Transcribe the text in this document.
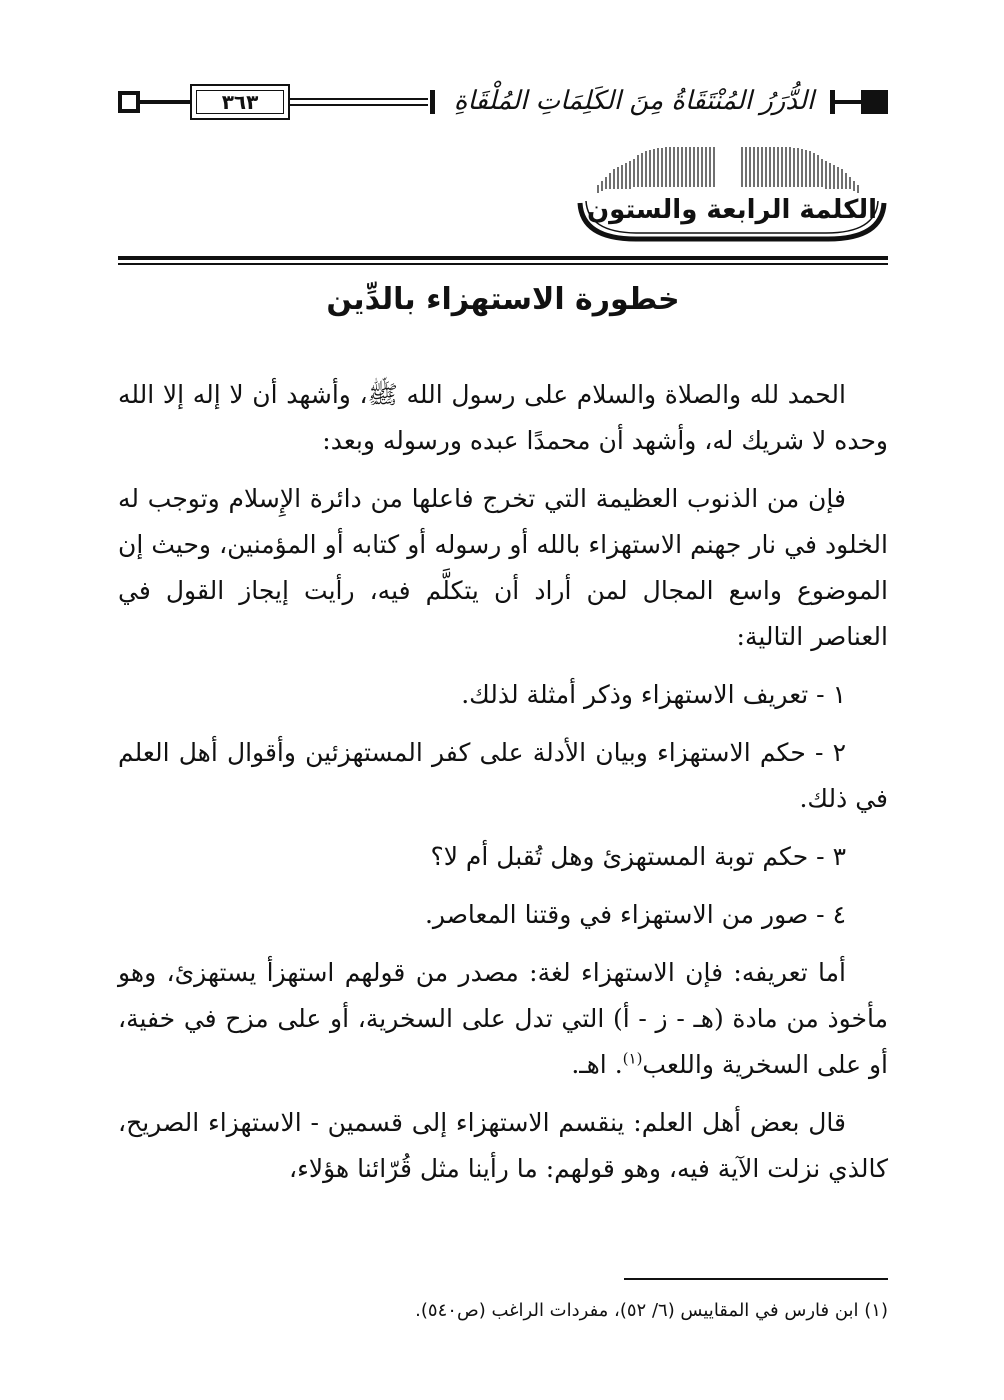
٣٦٣	الدُّرَرُ المُنْتَقَاةُ مِنَ الكَلِمَاتِ المُلْقَاةِ
الكلمة الرابعة والستون
خطورة الاستهزاء بالدِّين

الحمد لله والصلاة والسلام على رسول الله ﷺ، وأشهد أن لا إله إلا الله وحده لا شريك له، وأشهد أن محمدًا عبده ورسوله وبعد:

فإن من الذنوب العظيمة التي تخرج فاعلها من دائرة الإِسلام وتوجب له الخلود في نار جهنم الاستهزاء بالله أو رسوله أو كتابه أو المؤمنين، وحيث إن الموضوع واسع المجال لمن أراد أن يتكلَّم فيه، رأيت إيجاز القول في العناصر التالية:

١ - تعريف الاستهزاء وذكر أمثلة لذلك.

٢ - حكم الاستهزاء وبيان الأدلة على كفر المستهزئين وأقوال أهل العلم في ذلك.

٣ - حكم توبة المستهزئ وهل تُقبل أم لا؟

٤ - صور من الاستهزاء في وقتنا المعاصر.

أما تعريفه: فإن الاستهزاء لغة: مصدر من قولهم استهزأ يستهزئ، وهو مأخوذ من مادة (هـ - ز - أ) التي تدل على السخرية، أو على مزح في خفية، أو على السخرية واللعب$^{(١)}$. اهـ.

قال بعض أهل العلم: ينقسم الاستهزاء إلى قسمين - الاستهزاء الصريح، كالذي نزلت الآية فيه، وهو قولهم: ما رأينا مثل قُرّائنا هؤلاء،

(١) ابن فارس في المقاييس (٦/ ٥٢)، مفردات الراغب (ص٥٤٠).
